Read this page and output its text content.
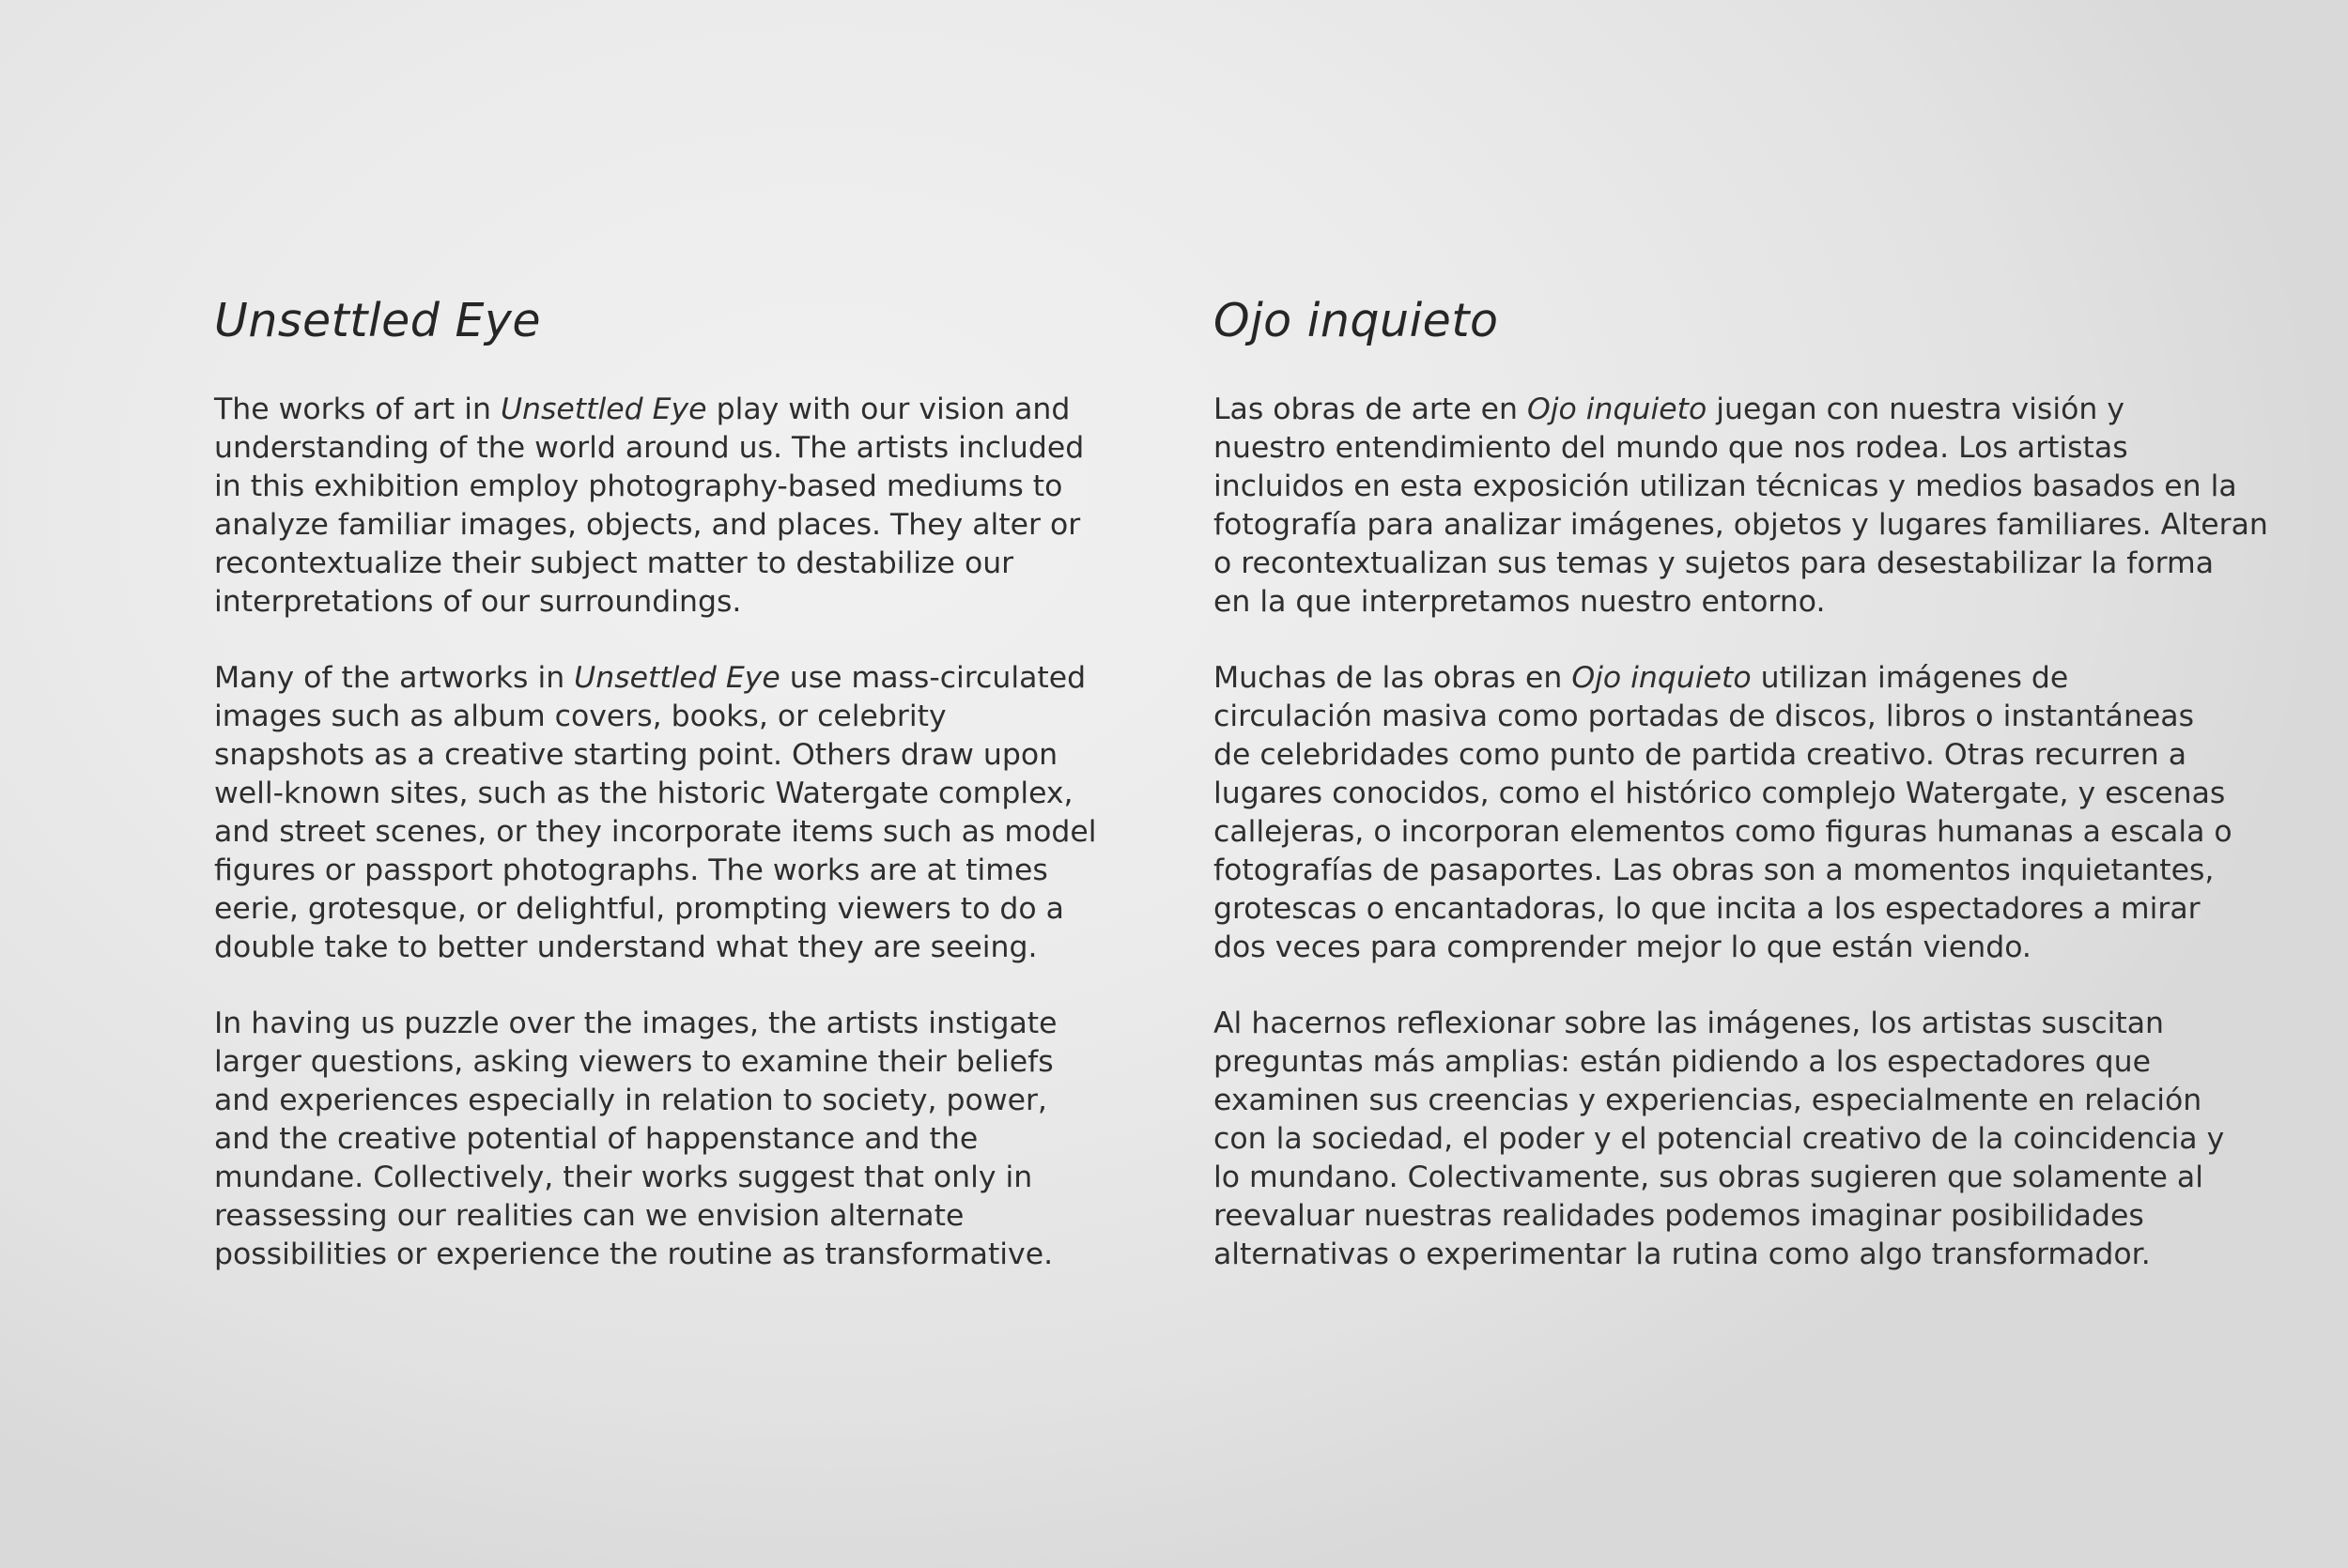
Unsettled Eye

The works of art in Unsettled Eye play with our vision and
understanding of the world around us. The artists included
in this exhibition employ photography-based mediums to
analyze familiar images, objects, and places. They alter or
recontextualize their subject matter to destabilize our
interpretations of our surroundings.

Many of the artworks in Unsettled Eye use mass-circulated
images such as album covers, books, or celebrity
snapshots as a creative starting point. Others draw upon
well-known sites, such as the historic Watergate complex,
and street scenes, or they incorporate items such as model
figures or passport photographs. The works are at times
eerie, grotesque, or delightful, prompting viewers to do a
double take to better understand what they are seeing.

In having us puzzle over the images, the artists instigate
larger questions, asking viewers to examine their beliefs
and experiences especially in relation to society, power,
and the creative potential of happenstance and the
mundane. Collectively, their works suggest that only in
reassessing our realities can we envision alternate
possibilities or experience the routine as transformative.

Ojo inquieto

Las obras de arte en Ojo inquieto juegan con nuestra visión y
nuestro entendimiento del mundo que nos rodea. Los artistas
incluidos en esta exposición utilizan técnicas y medios basados en la
fotografía para analizar imágenes, objetos y lugares familiares. Alteran
o recontextualizan sus temas y sujetos para desestabilizar la forma
en la que interpretamos nuestro entorno.

Muchas de las obras en Ojo inquieto utilizan imágenes de
circulación masiva como portadas de discos, libros o instantáneas
de celebridades como punto de partida creativo. Otras recurren a
lugares conocidos, como el histórico complejo Watergate, y escenas
callejeras, o incorporan elementos como figuras humanas a escala o
fotografías de pasaportes. Las obras son a momentos inquietantes,
grotescas o encantadoras, lo que incita a los espectadores a mirar
dos veces para comprender mejor lo que están viendo.

Al hacernos reflexionar sobre las imágenes, los artistas suscitan
preguntas más amplias: están pidiendo a los espectadores que
examinen sus creencias y experiencias, especialmente en relación
con la sociedad, el poder y el potencial creativo de la coincidencia y
lo mundano. Colectivamente, sus obras sugieren que solamente al
reevaluar nuestras realidades podemos imaginar posibilidades
alternativas o experimentar la rutina como algo transformador.
